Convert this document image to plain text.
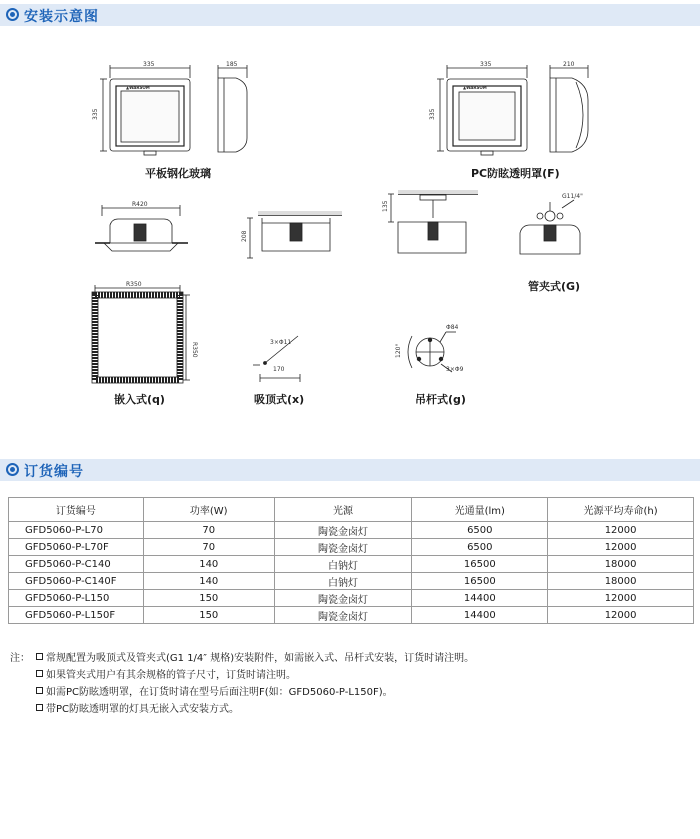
安装示意图
335
335
185
▲WARSOM
335
335
210
▲WARSOM
R420
208
135
G11/4"
R350
R350	3×Φ11
170
Φ84
3×Φ9
120°
平板钢化玻璃	PC防眩透明罩(F)
管夹式(G)
嵌入式(q)	吸顶式(x)	吊杆式(g)
订货编号
订货编号	功率(W)	光源	光通量(lm)	光源平均寿命(h)
GFD5060-P-L70	70	陶瓷金卤灯	6500	12000
GFD5060-P-L70F	70	陶瓷金卤灯	6500	12000
GFD5060-P-C140	140	白钠灯	16500	18000
GFD5060-P-C140F	140	白钠灯	16500	18000
GFD5060-P-L150	150	陶瓷金卤灯	14400	12000
GFD5060-P-L150F	150	陶瓷金卤灯	14400	12000
注： 常规配置为吸顶式及管夹式(G1 1/4″ 规格)安装附件，如需嵌入式、吊杆式安装，订货时请注明。
如果管夹式用户有其余规格的管子尺寸，订货时请注明。
如需PC防眩透明罩，在订货时请在型号后面注明F(如：GFD5060-P-L150F)。
带PC防眩透明罩的灯具无嵌入式安装方式。
